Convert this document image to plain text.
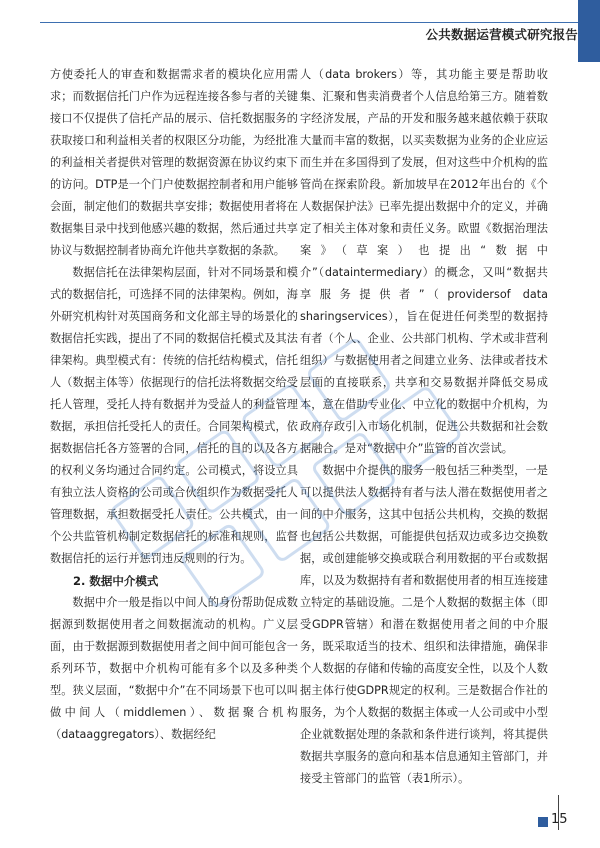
公共数据运营模式研究报告

方使委托人的审查和数据需求者的模块化应用需求；而数据信托门户作为远程连接各参与者的关键接口不仅提供了信托产品的展示、信托数据服务的获取接口和利益相关者的权限区分功能，为经批准的利益相关者提供对管理的数据资源在协议约束下的访问。DTP是一个门户使数据控制者和用户能够会面，制定他们的数据共享安排；数据使用者将在数据集目录中找到他感兴趣的数据，然后通过共享协议与数据控制者协商允许他共享数据的条款。

数据信托在法律架构层面，针对不同场景和模式的数据信托，可选择不同的法律架构。例如，海外研究机构针对英国商务和文化部主导的场景化的数据信托实践，提出了不同的数据信托模式及其法律架构。典型模式有：传统的信托结构模式，信托人（数据主体等）依据现行的信托法将数据交给受托人管理，受托人持有数据并为受益人的利益管理数据，承担信托受托人的责任。合同架构模式，依据数据信托各方签署的合同，信托的目的以及各方的权利义务均通过合同约定。公司模式，将设立具有独立法人资格的公司或合伙组织作为数据受托人管理数据，承担数据受托人责任。公共模式，由一个公共监管机构制定数据信托的标准和规则，监督数据信托的运行并惩罚违反规则的行为。

2. 数据中介模式

数据中介一般是指以中间人的身份帮助促成数据源到数据使用者之间数据流动的机构。广义层面，由于数据源到数据使用者之间中间可能包含一系列环节，数据中介机构可能有多个以及多种类型。狭义层面，“数据中介”在不同场景下也可以叫做中间人（middlemen）、数据聚合机构（dataaggregators）、数据经纪

人（data brokers）等，其功能主要是帮助收集、汇聚和售卖消费者个人信息给第三方。随着数字经济发展，产品的开发和服务越来越依赖于获取大量而丰富的数据，以买卖数据为业务的企业应运而生并在多国得到了发展，但对这些中介机构的监管尚在探索阶段。新加坡早在2012年出台的《个人数据保护法》已率先提出数据中介的定义，并确定了相关主体对象和责任义务。欧盟《数据治理法案》（草案）也提出“数据中介”（dataintermediary）的概念，又叫“数据共享服务提供者”（providersof data sharingservices），旨在促进任何类型的数据持有者（个人、企业、公共部门机构、学术或非营利组织）与数据使用者之间建立业务、法律或者技术层面的直接联系，共享和交易数据并降低交易成本，意在借助专业化、中立化的数据中介机构，为政府存政引入市场化机制，促进公共数据和社会数据融合。是对“数据中介”监管的首次尝试。

数据中介提供的服务一般包括三种类型，一是可以提供法人数据持有者与法人潜在数据使用者之间的中介服务，这其中包括公共机构，交换的数据也包括公共数据，可能提供包括双边或多边交换数据，或创建能够交换或联合利用数据的平台或数据库，以及为数据持有者和数据使用者的相互连接建立特定的基础设施。二是个人数据的数据主体（即受GDPR管辖）和潜在数据使用者之间的中介服务，既采取适当的技术、组织和法律措施，确保非个人数据的存储和传输的高度安全性，以及个人数据主体行使GDPR规定的权利。三是数据合作社的服务，为个人数据的数据主体或一人公司或中小型企业就数据处理的条款和条件进行谈判，将其提供数据共享服务的意向和基本信息通知主管部门，并接受主管部门的监管（表1所示）。

15
